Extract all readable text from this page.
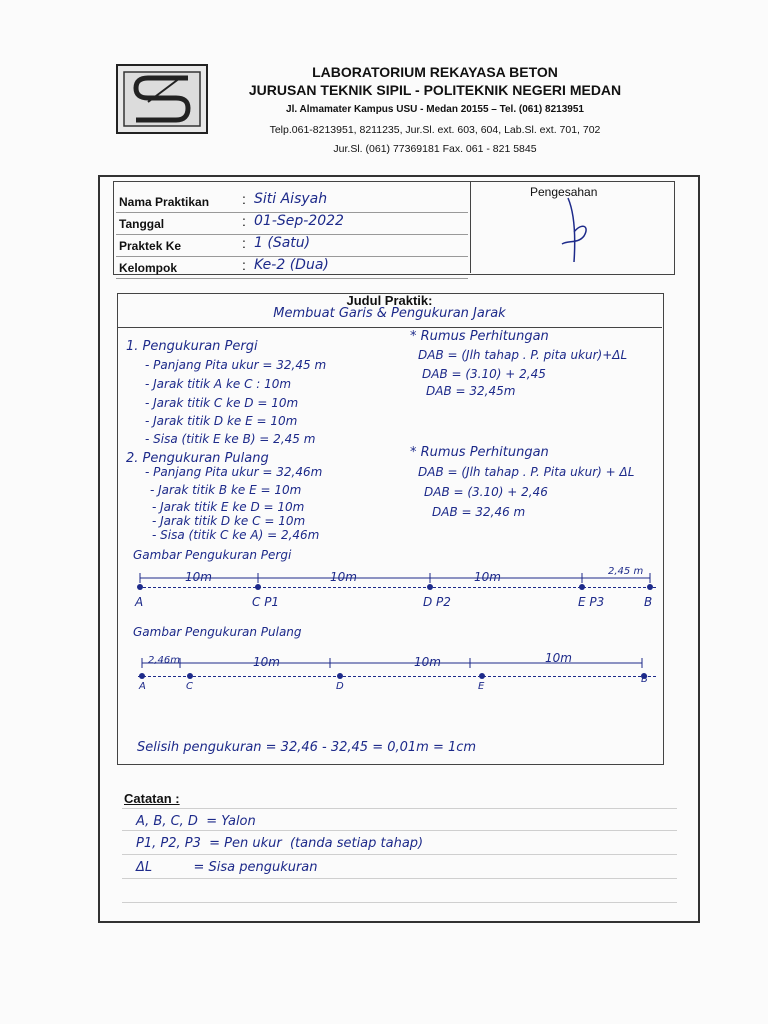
LABORATORIUM REKAYASA BETON
JURUSAN TEKNIK SIPIL - POLITEKNIK NEGERI MEDAN
Jl. Almamater Kampus USU - Medan 20155 – Tel. (061) 8213951
Telp.061-8213951, 8211235, Jur.Sl. ext. 603, 604, Lab.Sl. ext. 701, 702
Jur.Sl. (061) 77369181 Fax. 061 - 821 5845
Nama Praktikan : Siti Aisyah
Tanggal	: 01-Sep-2022
Praktek Ke	: 1 (Satu)
Kelompok	: Ke-2 (Dua)
Pengesahan
Judul Praktik:
Membuat Garis & Pengukuran Jarak
1. Pengukuran Pergi
- Panjang Pita ukur = 32,45 m
- Jarak titik A ke C : 10m
- Jarak titik C ke D = 10m
- Jarak titik D ke E = 10m
- Sisa (titik E ke B) = 2,45 m
2. Pengukuran Pulang
- Panjang Pita ukur = 32,46m
- Jarak titik B ke E = 10m
- Jarak titik E ke D = 10m
- Jarak titik D ke C = 10m
- Sisa (titik C ke A) = 2,46m
* Rumus Perhitungan
DAB = (Jlh tahap . P. pita ukur)+ΔL
DAB = (3.10) + 2,45
DAB = 32,45m
* Rumus Perhitungan
DAB = (Jlh tahap . P. Pita ukur) + ΔL
DAB = (3.10) + 2,46
DAB = 32,46 m
Gambar Pengukuran Pergi
10m	10m	10m	2,45 m
A	C P1	D P2	E P3	B
Gambar Pengukuran Pulang
2,46m	10m	10m	10m
A	C	D	E
B
Selisih pengukuran = 32,46 - 32,45 = 0,01m = 1cm
Catatan :
A, B, C, D  = Yalon
P1, P2, P3  = Pen ukur  (tanda setiap tahap)
ΔL          = Sisa pengukuran
